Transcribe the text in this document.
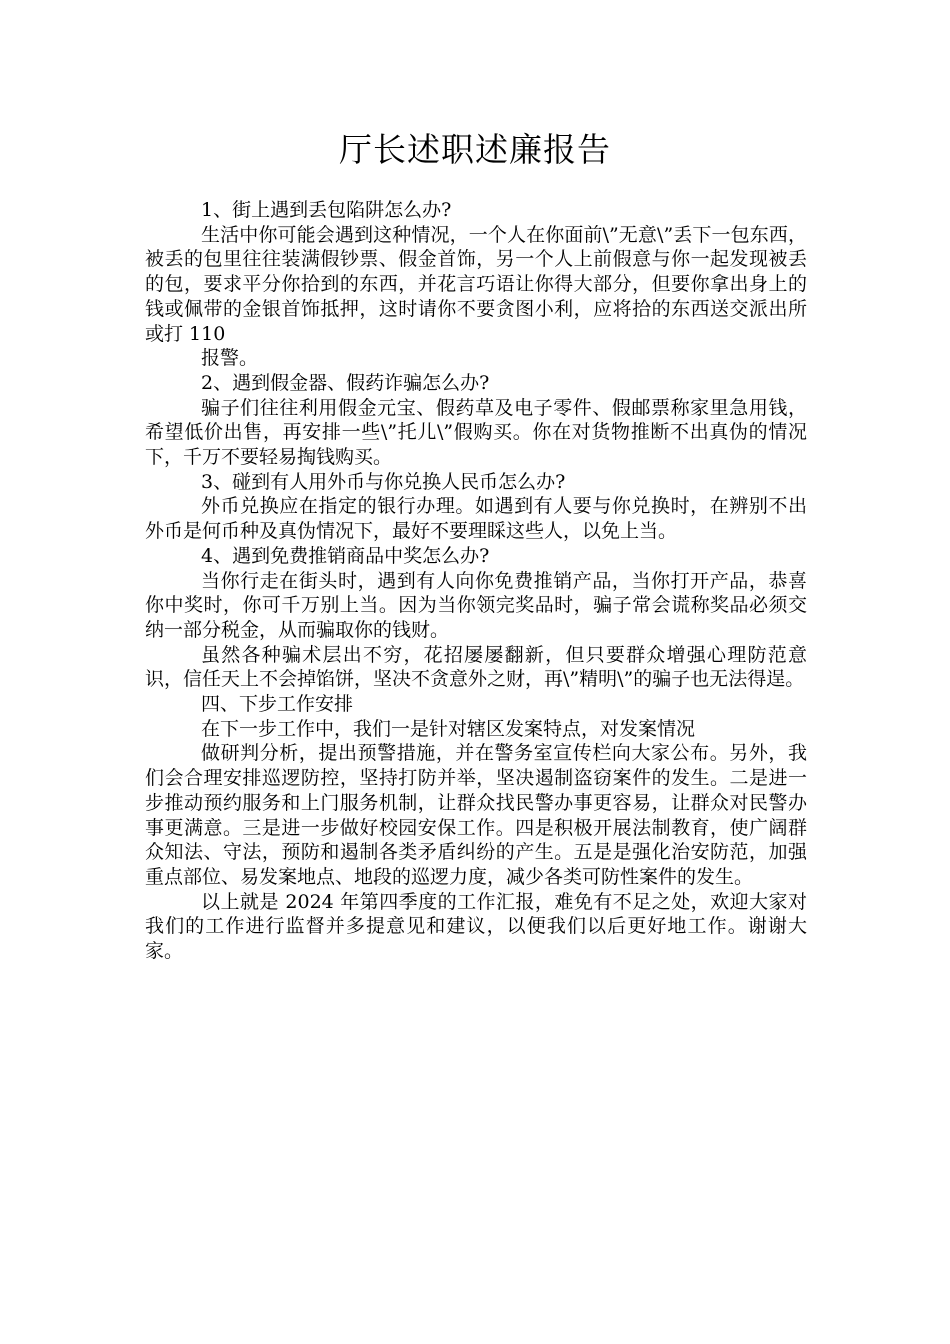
厅长述职述廉报告

1、街上遇到丢包陷阱怎么办?

生活中你可能会遇到这种情况，一个人在你面前\”无意\”丢下一包东西，被丢的包里往往装满假钞票、假金首饰，另一个人上前假意与你一起发现被丢的包，要求平分你拾到的东西，并花言巧语让你得大部分，但要你拿出身上的钱或佩带的金银首饰抵押，这时请你不要贪图小利，应将拾的东西送交派出所或打 110

报警。

2、遇到假金器、假药诈骗怎么办?

骗子们往往利用假金元宝、假药草及电子零件、假邮票称家里急用钱，希望低价出售，再安排一些\”托儿\”假购买。你在对货物推断不出真伪的情况下，千万不要轻易掏钱购买。

3、碰到有人用外币与你兑换人民币怎么办?

外币兑换应在指定的银行办理。如遇到有人要与你兑换时，在辨别不出外币是何币种及真伪情况下，最好不要理睬这些人，以免上当。

4、遇到免费推销商品中奖怎么办?

当你行走在街头时，遇到有人向你免费推销产品，当你打开产品，恭喜你中奖时，你可千万别上当。因为当你领完奖品时，骗子常会谎称奖品必须交纳一部分税金，从而骗取你的钱财。

虽然各种骗术层出不穷，花招屡屡翻新，但只要群众增强心理防范意识，信任天上不会掉馅饼，坚决不贪意外之财，再\”精明\”的骗子也无法得逞。

四、下步工作安排

在下一步工作中，我们一是针对辖区发案特点，对发案情况

做研判分析，提出预警措施，并在警务室宣传栏向大家公布。另外，我们会合理安排巡逻防控，坚持打防并举，坚决遏制盗窃案件的发生。二是进一步推动预约服务和上门服务机制，让群众找民警办事更容易，让群众对民警办事更满意。三是进一步做好校园安保工作。四是积极开展法制教育，使广阔群众知法、守法，预防和遏制各类矛盾纠纷的产生。五是是强化治安防范，加强重点部位、易发案地点、地段的巡逻力度，减少各类可防性案件的发生。

以上就是 2024 年第四季度的工作汇报，难免有不足之处，欢迎大家对我们的工作进行监督并多提意见和建议，以便我们以后更好地工作。谢谢大家。
